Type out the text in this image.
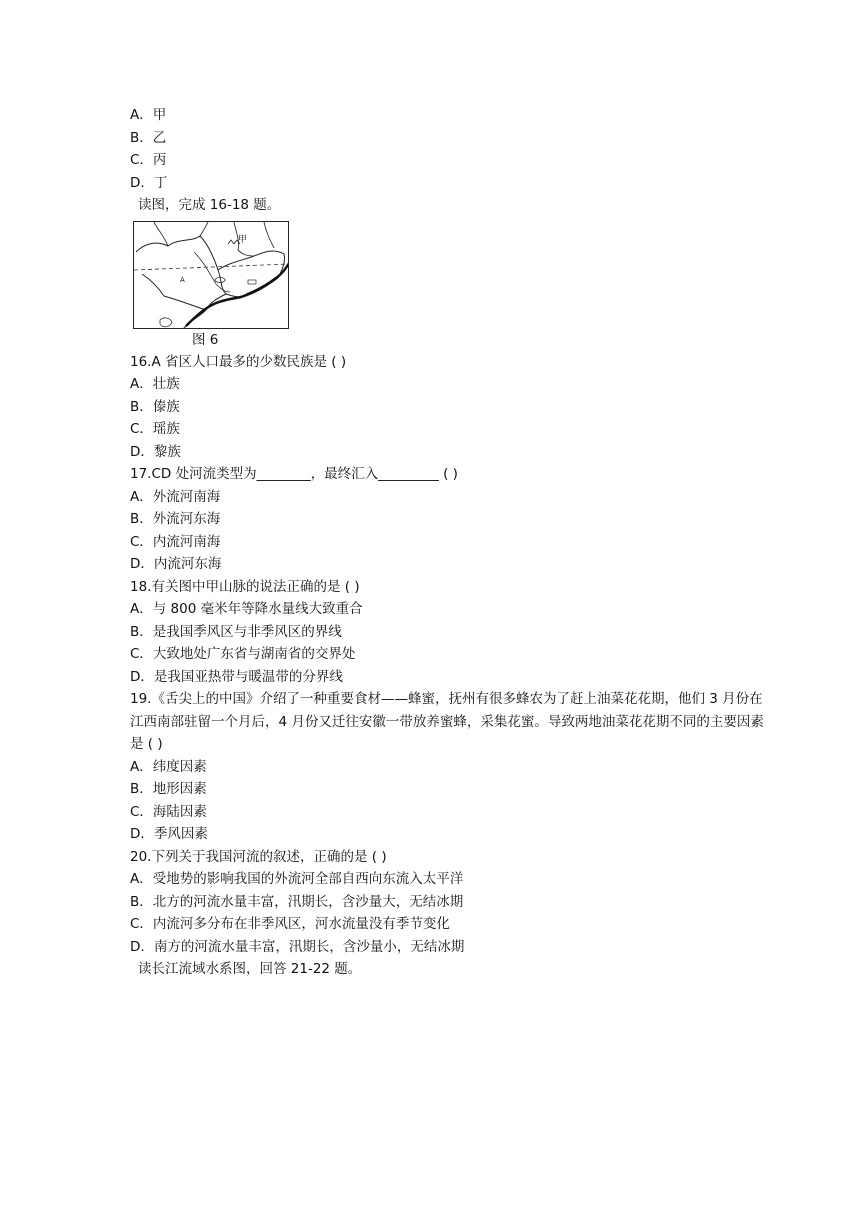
A．甲
B．乙
C．丙
D．丁
读图，完成 16-18 题。
甲
A
图 6
16.A 省区人口最多的少数民族是 ( )
A．壮族
B．傣族
C．瑶族
D．黎族
17.CD 处河流类型为________，最终汇入_________ ( )
A．外流河南海
B．外流河东海
C．内流河南海
D．内流河东海
18.有关图中甲山脉的说法正确的是 ( )
A．与 800 毫米年等降水量线大致重合
B．是我国季风区与非季风区的界线
C．大致地处广东省与湖南省的交界处
D．是我国亚热带与暖温带的分界线
19.《舌尖上的中国》介绍了一种重要食材——蜂蜜，抚州有很多蜂农为了赶上油菜花花期，他们 3 月份在江西南部驻留一个月后，4 月份又迁往安徽一带放养蜜蜂，采集花蜜。导致两地油菜花花期不同的主要因素是 ( )
A．纬度因素
B．地形因素
C．海陆因素
D．季风因素
20.下列关于我国河流的叙述，正确的是 ( )
A．受地势的影响我国的外流河全部自西向东流入太平洋
B．北方的河流水量丰富，汛期长，含沙量大，无结冰期
C．内流河多分布在非季风区，河水流量没有季节变化
D．南方的河流水量丰富，汛期长，含沙量小，无结冰期
读长江流域水系图，回答 21-22 题。
